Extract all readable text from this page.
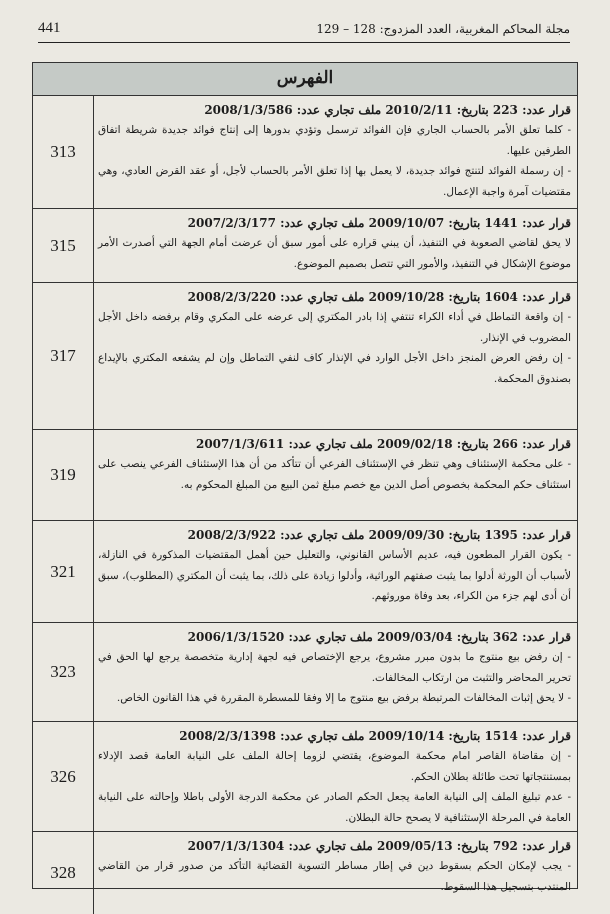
441	مجلة المحاكم المغربية، العدد المزدوج: 128 – 129
الفهرس
313
قرار عدد: 223 بتاريخ: 2010/2/11 ملف تجاري عدد: 2008/1/3/586

- كلما تعلق الأمر بالحساب الجاري فإن الفوائد ترسمل وتؤدي بدورها إلى إنتاج فوائد جديدة شريطة اتفاق الطرفين عليها.

- إن رسملة الفوائد لتنتج فوائد جديدة، لا يعمل بها إذا تعلق الأمر بالحساب لأجل، أو عقد القرض العادي، وهي مقتضيات آمرة واجبة الإعمال.

315
قرار عدد: 1441 بتاريخ: 2009/10/07 ملف تجاري عدد: 2007/2/3/177

لا يحق لقاضي الصعوبة في التنفيذ، أن يبني قراره على أمور سبق أن عرضت أمام الجهة التي أصدرت الأمر موضوع الإشكال في التنفيذ، والأمور التي تتصل بصميم الموضوع.

317
قرار عدد: 1604 بتاريخ: 2009/10/28 ملف تجاري عدد: 2008/2/3/220

- إن واقعة التماطل في أداء الكراء تنتفي إذا بادر المكتري إلى عرضه على المكري وقام برفضه داخل الأجل المضروب في الإنذار.

- إن رفض العرض المنجز داخل الأجل الوارد في الإنذار كاف لنفي التماطل وإن لم يشفعه المكتري بالإيداع بصندوق المحكمة.

319
قرار عدد: 266 بتاريخ: 2009/02/18 ملف تجاري عدد: 2007/1/3/611

- على محكمة الإستئناف وهي تنظر في الإستئناف الفرعي أن تتأكد من أن هذا الإستئناف الفرعي ينصب على استئناف حكم المحكمة بخصوص أصل الدين مع خصم مبلغ ثمن البيع من المبلغ المحكوم به.

321
قرار عدد: 1395 بتاريخ: 2009/09/30 ملف تجاري عدد: 2008/2/3/922

- يكون القرار المطعون فيه، عديم الأساس القانوني، والتعليل حين أهمل المقتضيات المذكورة في النازلة، لأسباب أن الورثة أدلوا بما يثبت صفتهم الوراثية، وأدلوا زيادة على ذلك، بما يثبت أن المكتري (المطلوب)، سبق أن أدى لهم جزء من الكراء، بعد وفاة موروثهم.

323
قرار عدد: 362 بتاريخ: 2009/03/04 ملف تجاري عدد: 2006/1/3/1520

- إن رفض بيع منتوج ما بدون مبرر مشروع، يرجع الإختصاص فيه لجهة إدارية متخصصة يرجع لها الحق في تحرير المحاضر والتثبت من ارتكاب المخالفات.

- لا يحق إثبات المخالفات المرتبطة برفض بيع منتوج ما إلا وفقا للمسطرة المقررة في هذا القانون الخاص.

326
قرار عدد: 1514 بتاريخ: 2009/10/14 ملف تجاري عدد: 2008/2/3/1398

- إن مقاضاة القاصر امام محكمة الموضوع، يقتضي لزوما إحالة الملف على النيابة العامة قصد الإدلاء بمستنتجاتها تحت طائلة بطلان الحكم.

- عدم تبليغ الملف إلى النيابة العامة يجعل الحكم الصادر عن محكمة الدرجة الأولى باطلا وإحالته على النيابة العامة في المرحلة الإستئنافية لا يصحح حالة البطلان.

328
قرار عدد: 792 بتاريخ: 2009/05/13 ملف تجاري عدد: 2007/1/3/1304

- يجب لإمكان الحكم بسقوط دين في إطار مساطر التسوية القضائية التأكد من صدور قرار من القاضي المنتدب بتسجيل هذا السقوط.
